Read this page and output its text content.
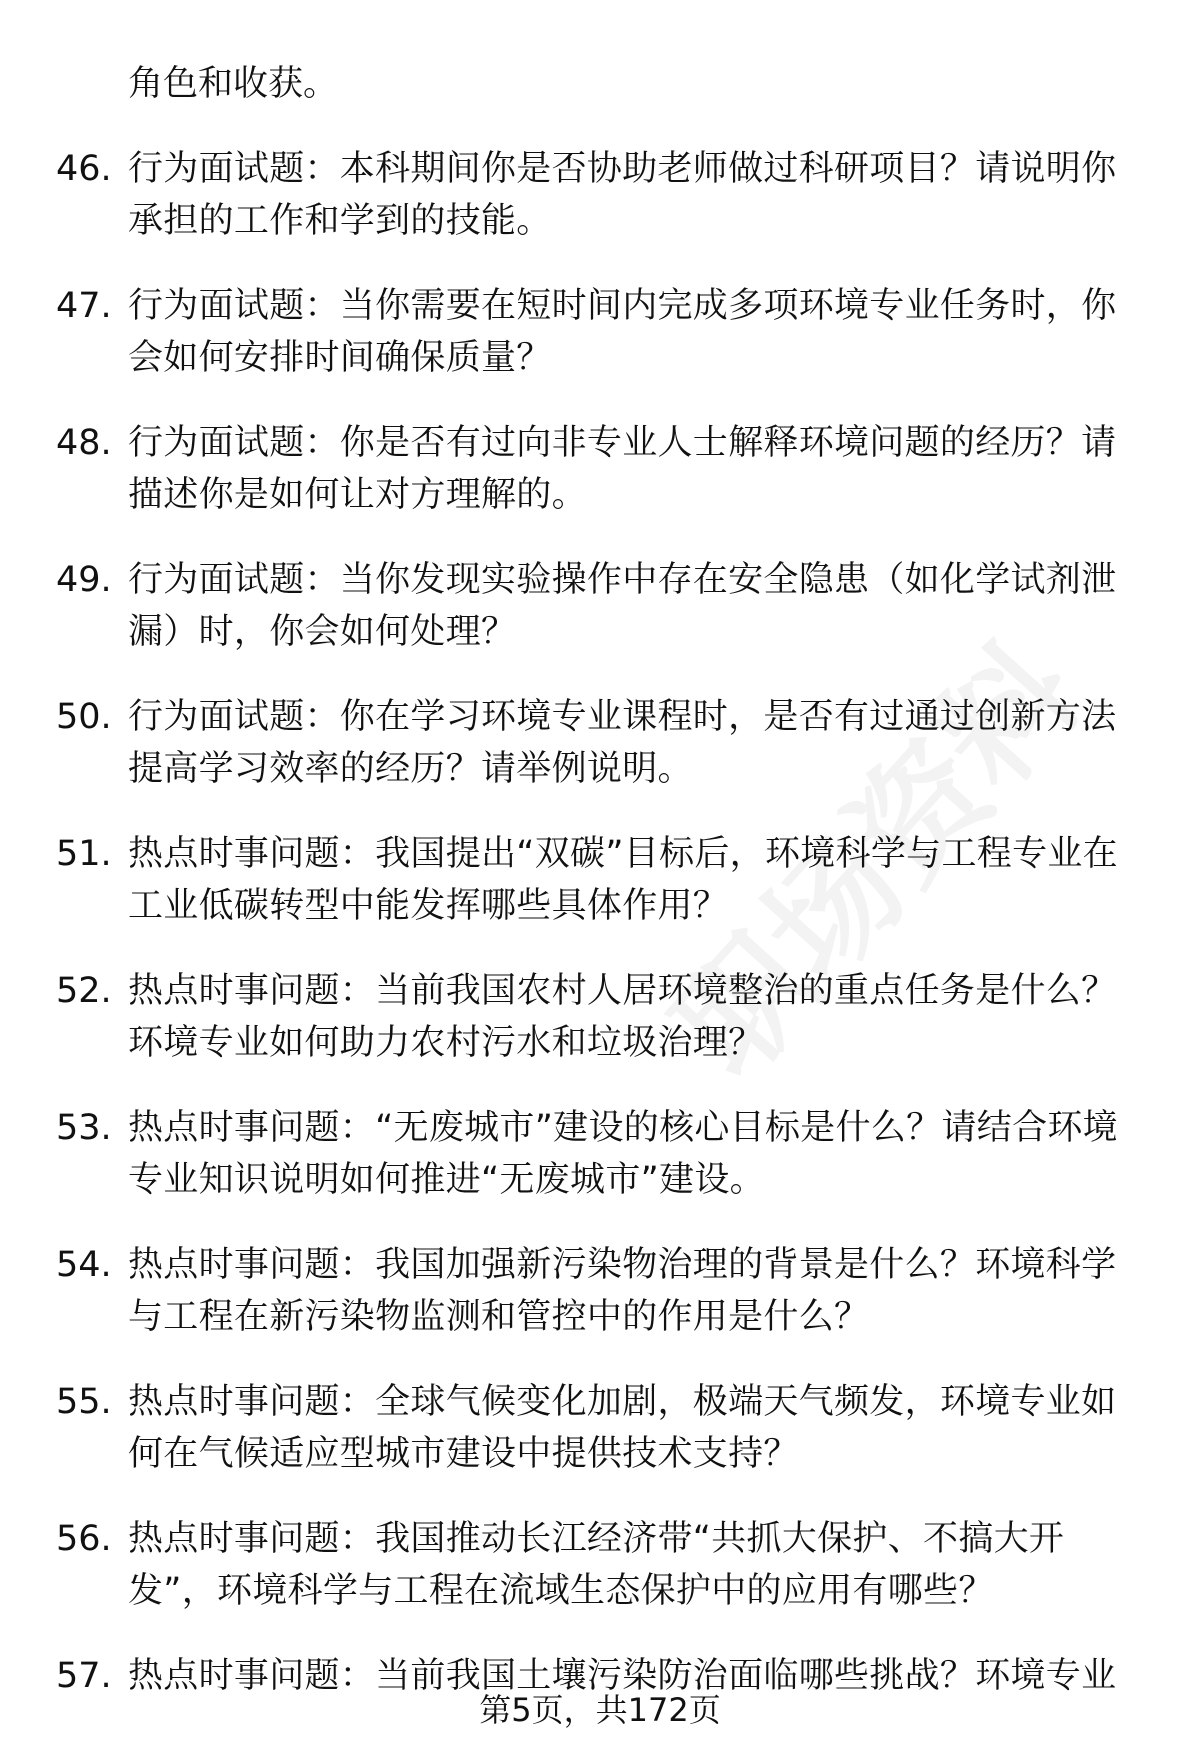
角色和收获。
46. 行为面试题：本科期间你是否协助老师做过科研项目？请说明你承担的工作和学到的技能。
47. 行为面试题：当你需要在短时间内完成多项环境专业任务时，你会如何安排时间确保质量？
48. 行为面试题：你是否有过向非专业人士解释环境问题的经历？请描述你是如何让对方理解的。
49. 行为面试题：当你发现实验操作中存在安全隐患（如化学试剂泄漏）时，你会如何处理？
50. 行为面试题：你在学习环境专业课程时，是否有过通过创新方法提高学习效率的经历？请举例说明。
51. 热点时事问题：我国提出“双碳”目标后，环境科学与工程专业在工业低碳转型中能发挥哪些具体作用？
52. 热点时事问题：当前我国农村人居环境整治的重点任务是什么？环境专业如何助力农村污水和垃圾治理？
53. 热点时事问题：“无废城市”建设的核心目标是什么？请结合环境专业知识说明如何推进“无废城市”建设。
54. 热点时事问题：我国加强新污染物治理的背景是什么？环境科学与工程在新污染物监测和管控中的作用是什么？
55. 热点时事问题：全球气候变化加剧，极端天气频发，环境专业如何在气候适应型城市建设中提供技术支持？
56. 热点时事问题：我国推动长江经济带“共抓大保护、不搞大开发”，环境科学与工程在流域生态保护中的应用有哪些？
57. 热点时事问题：当前我国土壤污染防治面临哪些挑战？环境专业
第5页，共172页
